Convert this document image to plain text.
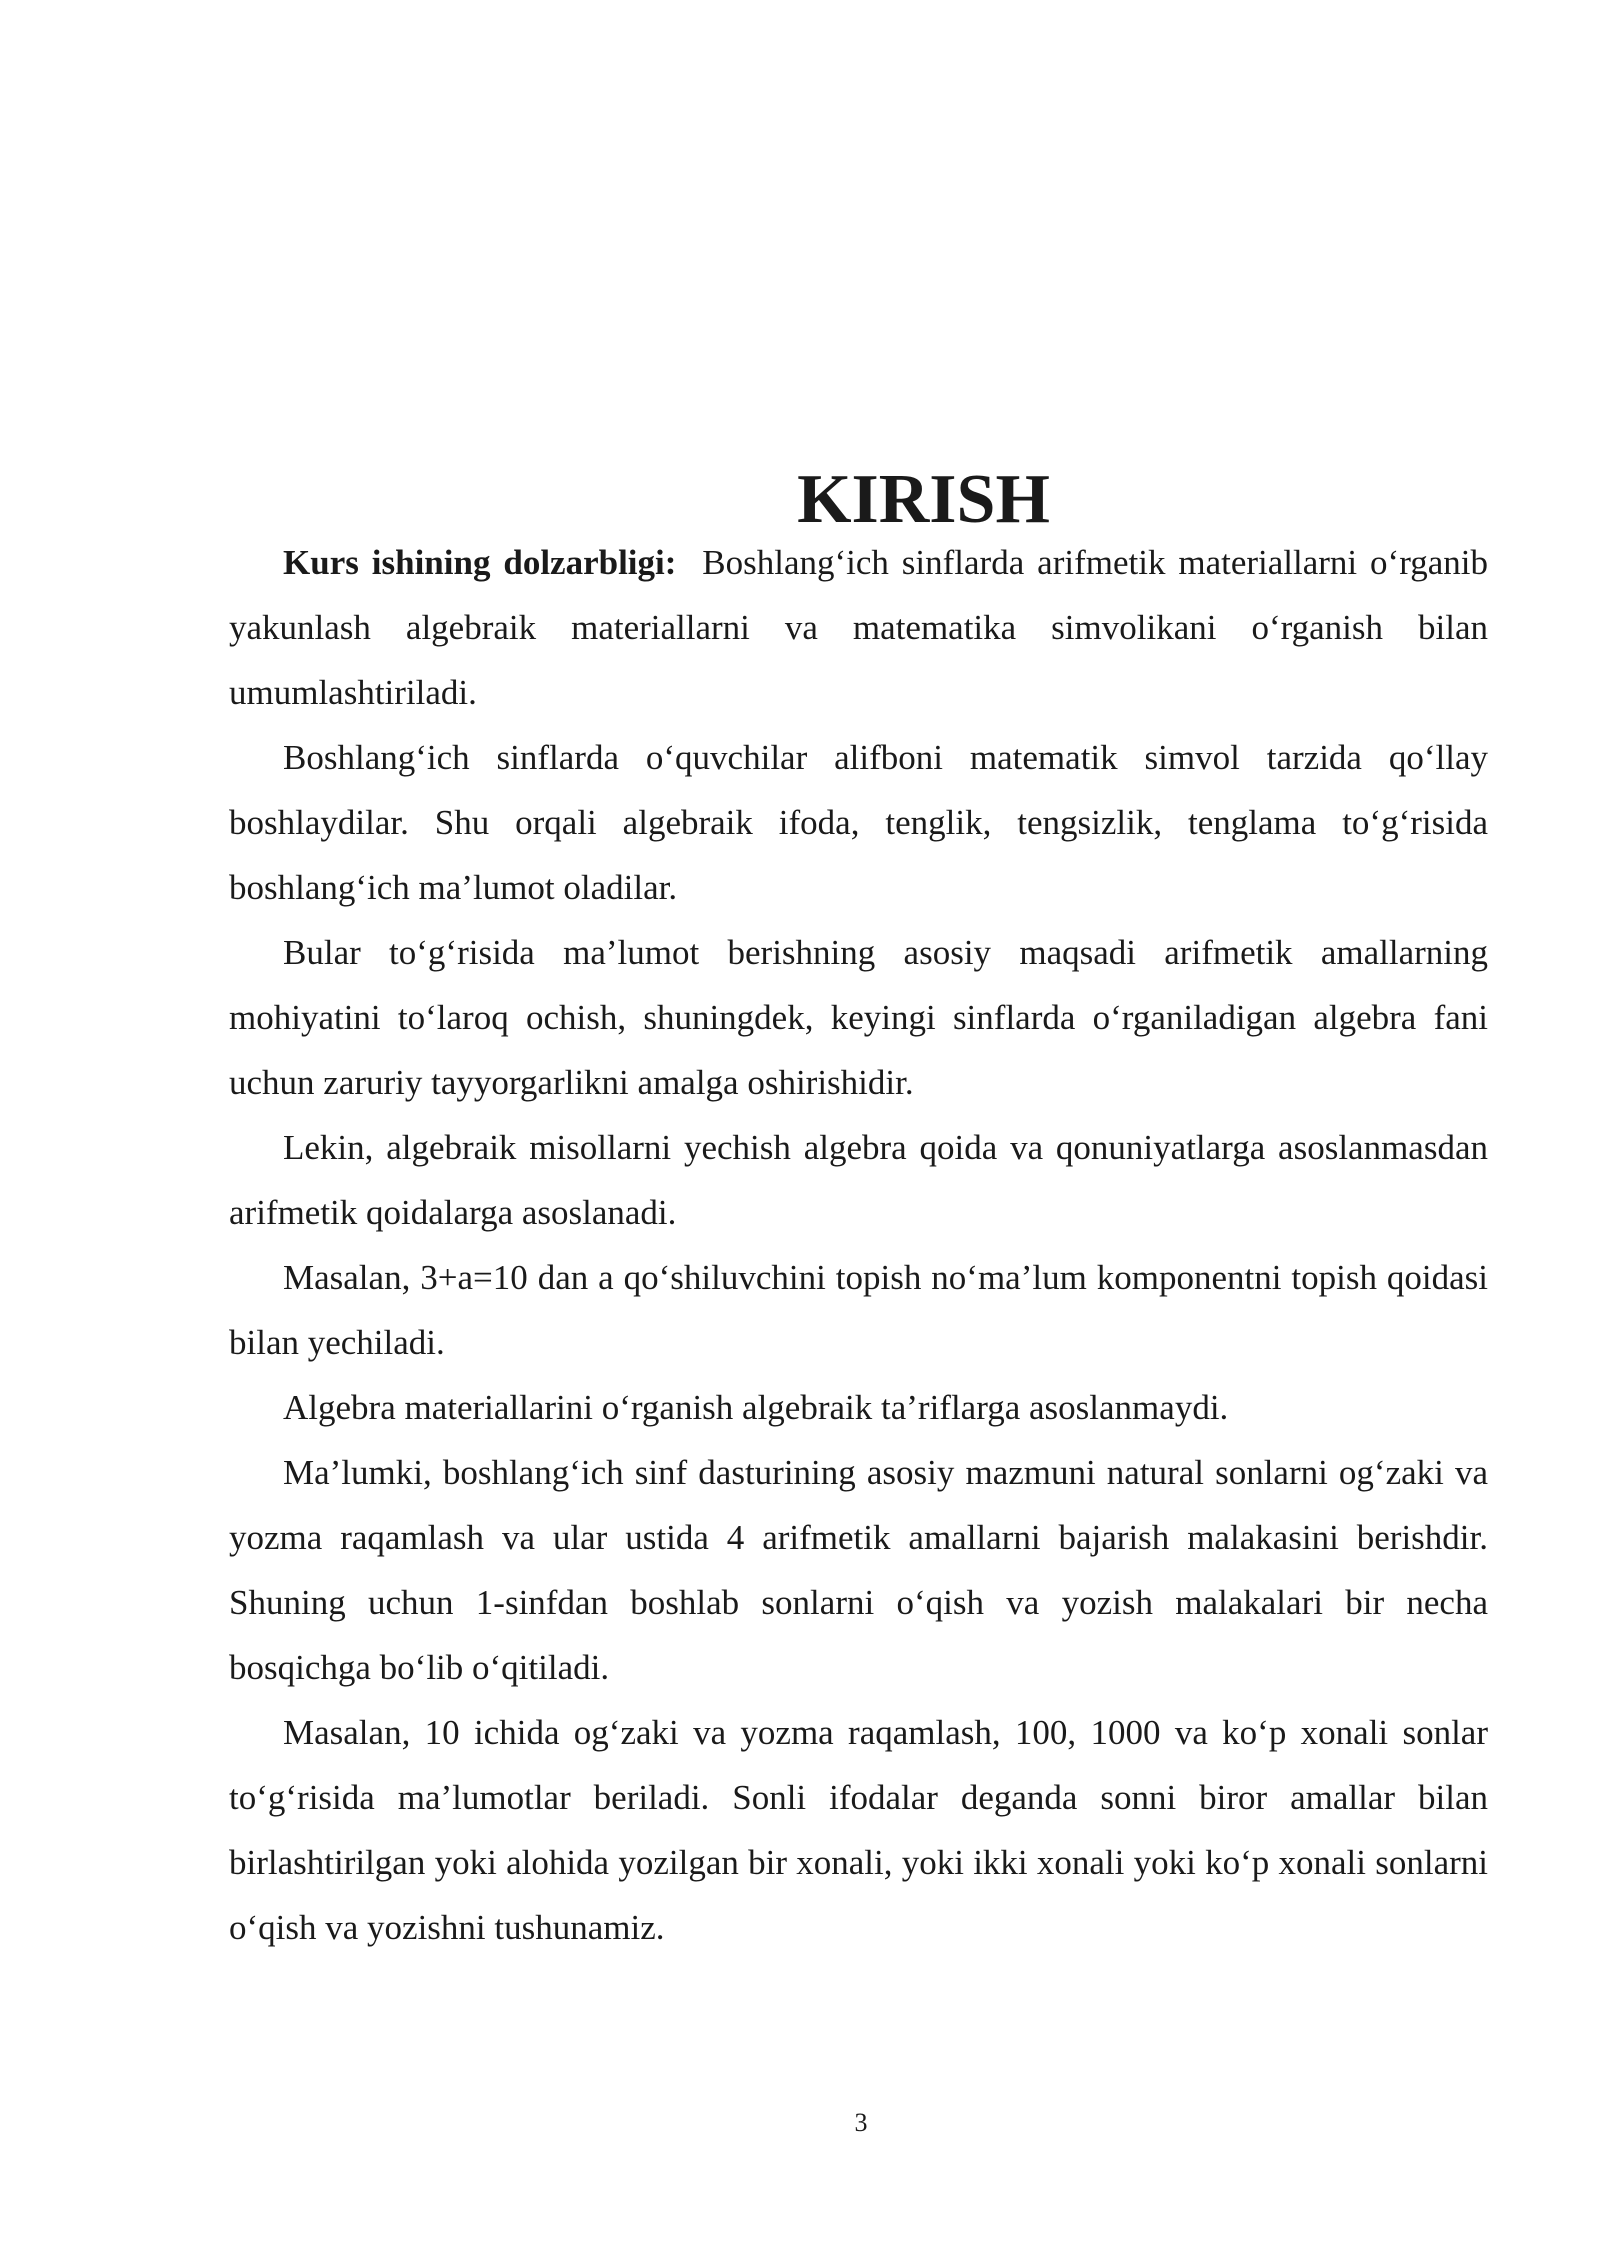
KIRISH

Kurs ishining dolzarbligi: Boshlang‘ich sinflarda arifmetik materiallarni o‘rganib yakunlash algebraik materiallarni va matematika simvolikani o‘rganish bilan umumlashtiriladi.

Boshlang‘ich sinflarda o‘quvchilar alifboni matematik simvol tarzida qo‘llay boshlaydilar. Shu orqali algebraik ifoda, tenglik, tengsizlik, tenglama to‘g‘risida boshlang‘ich ma’lumot oladilar.

Bular to‘g‘risida ma’lumot berishning asosiy maqsadi arifmetik amallarning mohiyatini to‘laroq ochish, shuningdek, keyingi sinflarda o‘rganiladigan algebra fani uchun zaruriy tayyorgarlikni amalga oshirishidir.

Lekin, algebraik misollarni yechish algebra qoida va qonuniyatlarga asoslanmasdan arifmetik qoidalarga asoslanadi.

Masalan, 3+a=10 dan a qo‘shiluvchini topish no‘ma’lum komponentni topish qoidasi bilan yechiladi.

Algebra materiallarini o‘rganish algebraik ta’riflarga asoslanmaydi.

Ma’lumki, boshlang‘ich sinf dasturining asosiy mazmuni natural sonlarni og‘zaki va yozma raqamlash va ular ustida 4 arifmetik amallarni bajarish malakasini berishdir. Shuning uchun 1-sinfdan boshlab sonlarni o‘qish va yozish malakalari bir necha bosqichga bo‘lib o‘qitiladi.

Masalan, 10 ichida og‘zaki va yozma raqamlash, 100, 1000 va ko‘p xonali sonlar to‘g‘risida ma’lumotlar beriladi. Sonli ifodalar deganda sonni biror amallar bilan birlashtirilgan yoki alohida yozilgan bir xonali, yoki ikki xonali yoki ko‘p xonali sonlarni o‘qish va yozishni tushunamiz.

3
